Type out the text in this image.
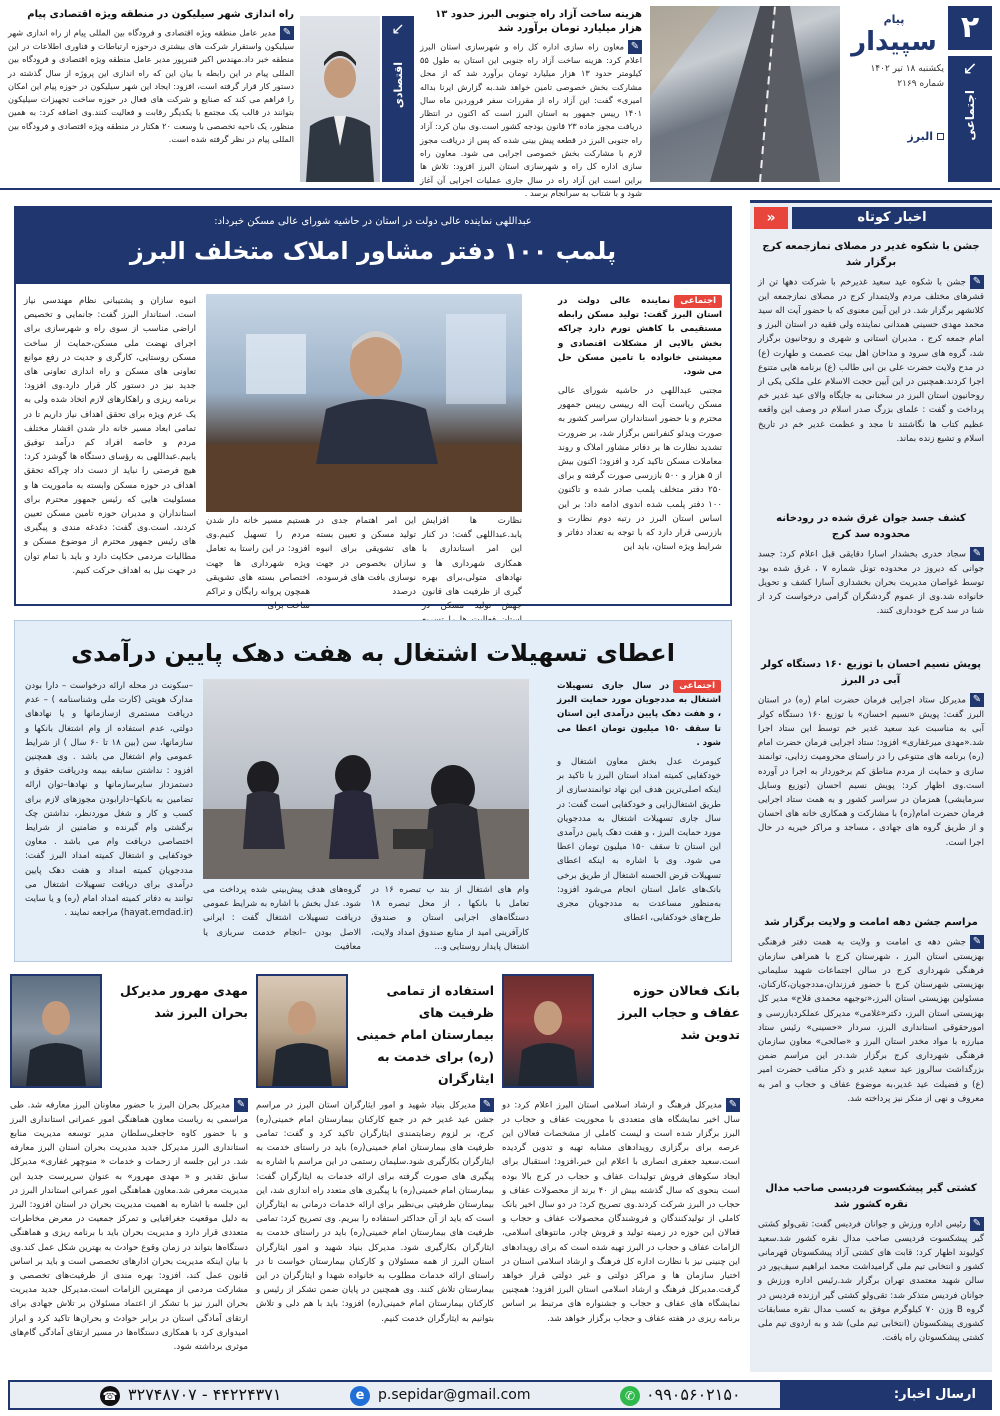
۲
پیام سپیدار
یکشنبه ۱۸ تیر ۱۴۰۲
شماره ۲۱۶۹
↙
اجتماعی
البرز
هزینه ساخت آزاد راه جنوبی البرز حدود ۱۳ هزار میلیارد تومان برآورد شد
✎معاون راه سازی اداره کل راه و شهرسازی استان البرز اعلام کرد: هزینه ساخت آزاد راه جنوبی این استان به طول ۵۵ کیلومتر حدود ۱۳ هزار میلیارد تومان برآورد شد که از محل مشارکت بخش خصوصی تامین خواهد شد.به گزارش ایرنا بداله امیری» گفت: این آزاد راه از مقررات سفر فروردین ماه سال ۱۴۰۱ رییس جمهور به استان البرز است که اکنون در انتظار دریافت مجوز ماده ۲۳ قانون بودجه کشور است.وی بیان کرد: آزاد راه جنوبی البرز در قطعه پیش بینی شده که پس از دریافت مجوز لازم با مشارکت بخش خصوصی اجرایی می شود. معاون راه سازی اداره کل راه و شهرسازی استان البرز افزود: تلاش ها براین است این آزاد راه در سال جاری عملیات اجرایی آن آغاز شود و با شتاب به سرانجام برسد .
↙
اقتصادی
راه اندازی شهر سیلیکون در منطقه ویژه اقتصادی پیام
✎مدیر عامل منطقه ویژه اقتصادی و فرودگاه بین المللی پیام از راه اندازی شهر سیلیکون واستقرار شرکت های بیشتری درحوزه ارتباطات و فناوری اطلاعات در این منطقه خبر داد.مهندس اکبر قنبرپور مدیر عامل منطقه ویژه اقتصادی و فرودگاه بین المللی پیام در این رابطه با بیان این که راه اندازی این پروژه از سال گذشته در دستور کار قرار گرفته است، افزود: ایجاد این شهر سیلیکون در حوزه پیام این امکان را فراهم می کند که صنایع و شرکت های فعال در حوزه ساخت تجهیزات سیلیکون بتوانند در قالب یک مجتمع با یکدیگر رقابت و فعالیت کنند.وی اضافه کرد: به همین منظور، یک ناحیه تخصصی با وسعت ۲۰ هکتار در منطقه ویژه اقتصادی و فرودگاه بین المللی پیام در نظر گرفته شده است.
اخبار کوتاه
«
جشن با شکوه غدیر در مصلای نمازجمعه کرج برگزار شد
✎جشن با شکوه عید سعید غدیرخم با شرکت دهها تن از قشرهای مختلف مردم ولایتمدار کرج در مصلای نمازجمعه این کلانشهر برگزار شد. در این آیین معنوی که با حضور آیت اله سید محمد مهدی حسینی همدانی نماینده ولی فقیه در استان البرز و امام جمعه کرج ، مدیران استانی و شهری و روحانیون برگزار شد، گروه های سرود و مداحان اهل بیت عصمت و طهارت (ع) در مدح ولایت حضرت علی بن ابی طالب (ع) برنامه هایی متنوع اجرا کردند.همچنین در این آیین حجت الاسلام علی ملکی یکی از روحانیون استان البرز در سخنانی به جایگاه والای عید غدیر خم پرداخت و گفت : علمای بزرگ صدر اسلام در وصف این واقعه عظیم کتاب ها نگاشتند تا مجد و عظمت غدیر خم در تاریخ اسلام و تشیع زنده بماند.
کشف جسد جوان غرق شده در رودخانه محدوده سد کرج
✎سجاد خدری بخشدار اسارا دقایقی قبل اعلام کرد: جسد جوانی که دیروز در محدوده تونل شماره ۷ ، غرق شده بود توسط غواصان مدیریت بحران بخشداری آسارا کشف و تحویل خانواده شد.وی از عموم گردشگران گرامی درخواست کرد از شنا در سد کرج خودداری کنند.
پویش نسیم احسان با توزیع ۱۶۰ دستگاه کولر آبی در البرز
✎مدیرکل ستاد اجرایی فرمان حضرت امام (ره) در استان البرز گفت: پویش «نسیم احسان» با توزیع ۱۶۰ دستگاه کولر آبی به مناسبت عید سعید غدیر خم توسط این ستاد اجرا شد.«مهدی میرغفاری» افزود: ستاد اجرایی فرمان حضرت امام (ره) برنامه های متنوعی را در راستای محرومیت زدایی، توانمند سازی و حمایت از مردم مناطق کم برخوردار به اجرا در آورده است.وی اظهار کرد: پویش نسیم احسان (توزیع وسایل سرمایشی) همزمان در سراسر کشور و به همت ستاد اجرایی فرمان حضرت امام(ره) با مشارکت و همکاری خانه های احسان و از طریق گروه های جهادی ، مساجد و مراکز خیریه در حال اجرا است.
مراسم جشن دهه امامت و ولایت برگزار شد
✎جشن دهه ی امامت و ولایت به همت دفتر فرهنگی بهزیستی استان البرز ، شهرستان کرج با همراهی سازمان فرهنگی شهرداری کرج در سالن اجتماعات شهید سلیمانی بهزیستی شهرستان کرج با حضور فرزندان،مددجویان،کارکنان، مسئولین بهزیستی استان البرز،«توجیهه محمدی فلاح» مدیر کل بهزیستی استان البرز، دکتر«غلامی» مدیرکل عملکردبازرسی و امورحقوقی استانداری البرز، سردار «حسینی» رئیس ستاد مبارزه با مواد مخدر استان البرز و «صالحی» معاون سازمان فرهنگی شهرداری کرج برگزار شد.در این مراسم ضمن بزرگداشت سالروز عید سعید غدیر و ذکر مناقب حضرت امیر (ع) و فضیلت عید غدیر،به موضوع عفاف و حجاب و امر به معروف و نهی از منکر نیز پرداخته شد.
کشتی گیر پیشکسوت فردیسی صاحب مدال نقره کشور شد
✎رئیس اداره ورزش و جوانان فردیس گفت: تقی‌ولو کشتی گیر پیشکسوت فردیسی صاحب مدال نقره کشور شد.سعید کولیوند اظهار کرد: قابت های کشتی آزاد پیشکسوتان قهرمانی کشور و انتخابی تیم ملی گرامیداشت محمد ابراهیم سیف‌پور در سالن شهید معتمدی تهران برگزار شد.رئیس اداره ورزش و جوانان فردیس متذکر شد: تقی‌ولو کشتی گیر ارزنده فردیس در گروه B وزن ۷۰ کیلوگرم موفق به کسب مدال نقره مسابقات کشوری پیشکسوتان (انتخابی تیم ملی) شد و به اردوی تیم ملی کشتی پیشکسوتان راه یافت.
عبداللهی نماینده عالی دولت در استان در حاشیه شورای عالی مسکن خبرداد:
پلمب ۱۰۰ دفتر مشاور املاک متخلف البرز
اجتماعینماینده عالی دولت در استان البرز گفت: تولید مسکن رابطه مستقیمی با کاهش تورم دارد چراکه بخش بالایی از مشکلات اقتصادی و معیشتی خانواده با تامین مسکن حل می شود.
مجتبی عبداللهی در حاشیه شورای عالی مسکن ریاست آیت اله رییسی رییس جمهور محترم و با حضور استانداران سراسر کشور به صورت ویدئو کنفرانس برگزار شد، بر ضرورت تشدید نظارت ها بر دفاتر مشاور املاک و روند معاملات مسکن تاکید کرد و افزود: اکنون بیش از ۵ هزار و ۵۰۰ بازرسی صورت گرفته و برای ۲۵۰ دفتر متخلف پلمب صادر شده و تاکنون ۱۰۰ دفتر پلمب شده اندوی ادامه داد: بر این اساس استان البرز در رتبه دوم نظارت و بازرسی قرار دارد که با توجه به تعداد دفاتر و شرایط ویژه استان، باید این
نظارت ها افزایش یابد.عبداللهی گفت: در کنار این امر استانداری با همکاری شهرداری ها و نهادهای متولی،برای بهره گیری از ظرفیت های قانون جهش تولید مسکن در
این امر اهتمام جدی در تولید مسکن و تعیین بسته های تشویقی برای انبوه سازان بخصوص در جهت نوسازی بافت های فرسوده، درصدد
هستیم مسیر خانه دار شدن مردم را تسهیل کنیم.وی افزود: در این راستا به تعامل ویژه شهرداری ها جهت اختصاص بسته های تشویقی همچون پروانه رایگان و تراکم ساخت برای
انبوه سازان و پشتیبانی نظام مهندسی نیاز است. استاندار البرز گفت: جانمایی و تخصیص اراضی مناسب از سوی راه و شهرسازی برای اجرای نهضت ملی مسکن،حمایت از ساخت مسکن روستایی، کارگری و جدیت در رفع موانع تعاونی های مسکن و راه اندازی تعاونی های جدید نیز در دستور کار قرار دارد.وی افزود: برنامه ریزی و راهکارهای لازم اتخاذ شده ولی به یک عزم ویژه برای تحقق اهداف نیاز داریم تا در تمامی ابعاد مسیر خانه دار شدن اقشار مختلف مردم و خاصه افراد کم درآمد توفیق یابیم.عبداللهی به رؤسای دستگاه ها گوشزد کرد: هیچ فرصتی را نباید از دست داد چراکه تحقق اهداف در حوزه مسکن وابسته به ماموریت ها و مسئولیت هایی که رئیس جمهور محترم برای استانداران و مدیران حوزه تامین مسکن تعیین کردند، است.وی گفت: دغدغه مندی و پیگیری های رئیس جمهور محترم از موضوع مسکن و مطالبات مردمی حکایت دارد و باید با تمام توان در جهت نیل به اهداف حرکت کنیم.
اعطای تسهیلات اشتغال به هفت دهک پایین درآمدی
اجتماعیدر سال جاری تسهیلات اشتغال به مددجویان مورد حمایت البرز ، و هفت دهک پایین درآمدی این استان تا سقف ۱۵۰ میلیون تومان اعطا می شود .
کیومرث عدل بخش معاون اشتغال و خودکفایی کمیته امداد استان البرز با تاکید بر اینکه اصلی‌ترین هدف این نهاد توانمندسازی از طریق اشتغال‌زایی و خودکفایی است گفت: در سال جاری تسهیلات اشتغال به مددجویان مورد حمایت البرز ، و هفت دهک پایین درآمدی این استان تا سقف ۱۵۰ میلیون تومان اعطا می شود. وی با اشاره به اینکه اعطای تسهیلات قرض الحسنه اشتغال از طریق برخی بانک‌های عامل استان انجام می‌شود افزود: به‌منظور مساعدت به مددجویان مجری طرح‌های خودکفایی، اعطای
وام های اشتغال از بند ب تبصره ۱۶ در تعامل با بانکها ، از محل تبصره ۱۸ دستگاه‌های اجرایی استان و صندوق کارآفرینی امید از منابع صندوق امداد ولایت، اشتغال پایدار روستایی و...
گروه‌های هدف پیش‌بینی شده پرداخت می شود. عدل بخش با اشاره به شرایط عمومی دریافت تسهیلات اشتغال گفت : ایرانی الاصل بودن –انجام خدمت سربازی یا معافیت
–سکونت در محله ارائه درخواست – دارا بودن مدارک هویتی (کارت ملی وشناسنامه ) – عدم دریافت مستمری ازسازمانها و یا نهادهای دولتی، عدم استفاده از وام اشتغال بانکها و سازمانها، سن (بین ۱۸ تا ۶۰ سال ) از شرایط عمومی وام اشتغال می باشد . وی همچنین افزود : نداشتن سابقه بیمه ودریافت حقوق و دستمزداز سایرسازمانها و نهادها–توان ارائه تضامین به بانکها–دارابودن مجوزهای لازم برای کسب و کار و شغل موردنظر، نداشتن چک برگشتی وام گیرنده و ضامنین از شرایط اختصاصی دریافت وام می باشد . معاون خودکفایی و اشتغال کمیته امداد البرز گفت: مددجویان کمیته امداد و هفت دهک پایین درآمدی برای دریافت تسهیلات اشتغال می توانند به دفاتر کمیته امداد امام (ره) و یا سایت (hayat.emdad.ir) مراجعه نمایند .
بانک فعالان حوزه عفاف و حجاب البرز تدوین شد
✎مدیرکل فرهنگ و ارشاد اسلامی استان البرز اعلام کرد: دو سال اخیر نمایشگاه های متعددی با محوریت عفاف و حجاب در البرز برگزار شده است و لیست کاملی از مشخصات فعالان این عرصه برای برگزاری رویدادهای مشابه تهیه و تدوین گردیده است.سعید جعفری انصاری با اعلام این خبر،افزود: استقبال برای ایجاد سکوهای فروش تولیدات عفاف و حجاب در کرج بالا بوده است بنحوی که سال گذشته بیش از ۴۰ برند از محصولات عفاف و حجاب در البرز شرکت کردند.وی تصریح کرد: در دو سال اخیر بانک کاملی از تولیدکنندگان و فروشندگان محصولات عفاف و حجاب و فعالان این حوزه در زمینه تولید و فروش چادر، مانتوهای اسلامی، الزامات عفاف و حجاب در البرز تهیه شده است که برای رویدادهای این چنینی نیز با نظارت اداره کل فرهنگ و ارشاد اسلامی استان در اختیار سازمان ها و مراکز دولتی و غیر دولتی قرار خواهد گرفت.مدیرکل فرهنگ و ارشاد اسلامی استان البرز افزود: همچنین نمایشگاه های عفاف و حجاب و جشنواره های مرتبط بر اساس برنامه ریزی در هفته عفاف و حجاب برگزار خواهد شد.
استفاده از تمامی ظرفیت های بیمارستان امام خمینی (ره) برای خدمت به ایثارگران
✎مدیرکل بنیاد شهید و امور ایثارگران استان البرز در مراسم جشن عید غدیر خم در جمع کارکنان بیمارستان امام خمینی(ره) کرج، بر لزوم رضایتمندی ایثارگران تاکید کرد و گفت: تمامی ظرفیت های بیمارستان امام خمینی(ره) باید در راستای خدمت به ایثارگران بکارگیری شود.سلیمان رستمی در این مراسم با اشاره به پیگیری های صورت گرفته برای ارائه خدمات به ایثارگران گفت: بیمارستان امام خمینی(ره) با پیگیری های متعدد راه اندازی شد، این بیمارستان ظرفیتی بی‌نظیر برای ارائه خدمات درمانی به ایثارگران است که باید از آن حداکثر استفاده را ببریم. وی تصریح کرد: تمامی ظرفیت های بیمارستان امام خمینی(ره) باید در راستای خدمت به ایثارگران بکارگیری شود. مدیرکل بنیاد شهید و امور ایثارگران استان البرز از همه مسئولان و کارکنان بیمارستان خواست تا در راستای ارائه خدمات مطلوب به خانواده شهدا و ایثارگران در این بیمارستان تلاش کنند. وی همچنین در پایان ضمن تشکر از رئیس و کارکنان بیمارستان امام خمینی(ره) افزود: باید با هم دلی و تلاش بتوانیم به ایثارگران خدمت کنیم.
مهدی مهرور مدیرکل بحران البرز شد
✎مدیرکل بحران البرز با حضور معاونان البرز معارفه شد. طی مراسمی به ریاست معاون هماهنگی امور عمرانی استانداری البرز و با حضور کاوه حاجعلی‌سلطان مدیر توسعه مدیریت منابع استانداری البرز مدیرکل جدید مدیریت بحران استان البرز معارفه شد. در این جلسه از زحمات و خدمات « منوچهر غفاری» مدیرکل سابق تقدیر و « مهدی مهرور» به عنوان سرپرست جدید این مدیریت معرفی شد.معاون هماهنگی امور عمرانی استاندار البرز در این جلسه با اشاره به اهمیت مدیریت بحران در استان افزود: البرز به دلیل موقعیت جغرافیایی و تمرکز جمعیت در معرض مخاطرات متعددی قرار دارد و مدیریت بحران باید با برنامه ریزی و هماهنگی دستگاه‌ها بتواند در زمان وقوع حوادث به بهترین شکل عمل کند.وی با بیان اینکه مدیریت بحران ادارهای تخصصی است و باید بر اساس قانون عمل کند، افزود: بهره مندی از ظرفیت‌های تخصصی و مشارکت مردمی از مهمترین الزامات است.مدیرکل جدید مدیریت بحران البرز نیز با تشکر از اعتماد مسئولان بر تلاش جهادی برای ارتقای آمادگی استان در برابر حوادث و بحران‌ها تاکید کرد و ابراز امیدواری کرد با همکاری دستگاه‌ها در مسیر ارتقای آمادگی گام‌های موثری برداشته شود.
ارسال اخبار:
✆ ۰۹۹۰۵۶۰۲۱۵۰
e p.sepidar@gmail.com
☎ ۳۲۷۴۸۷۰۷ - ۴۴۲۲۴۳۷۱
